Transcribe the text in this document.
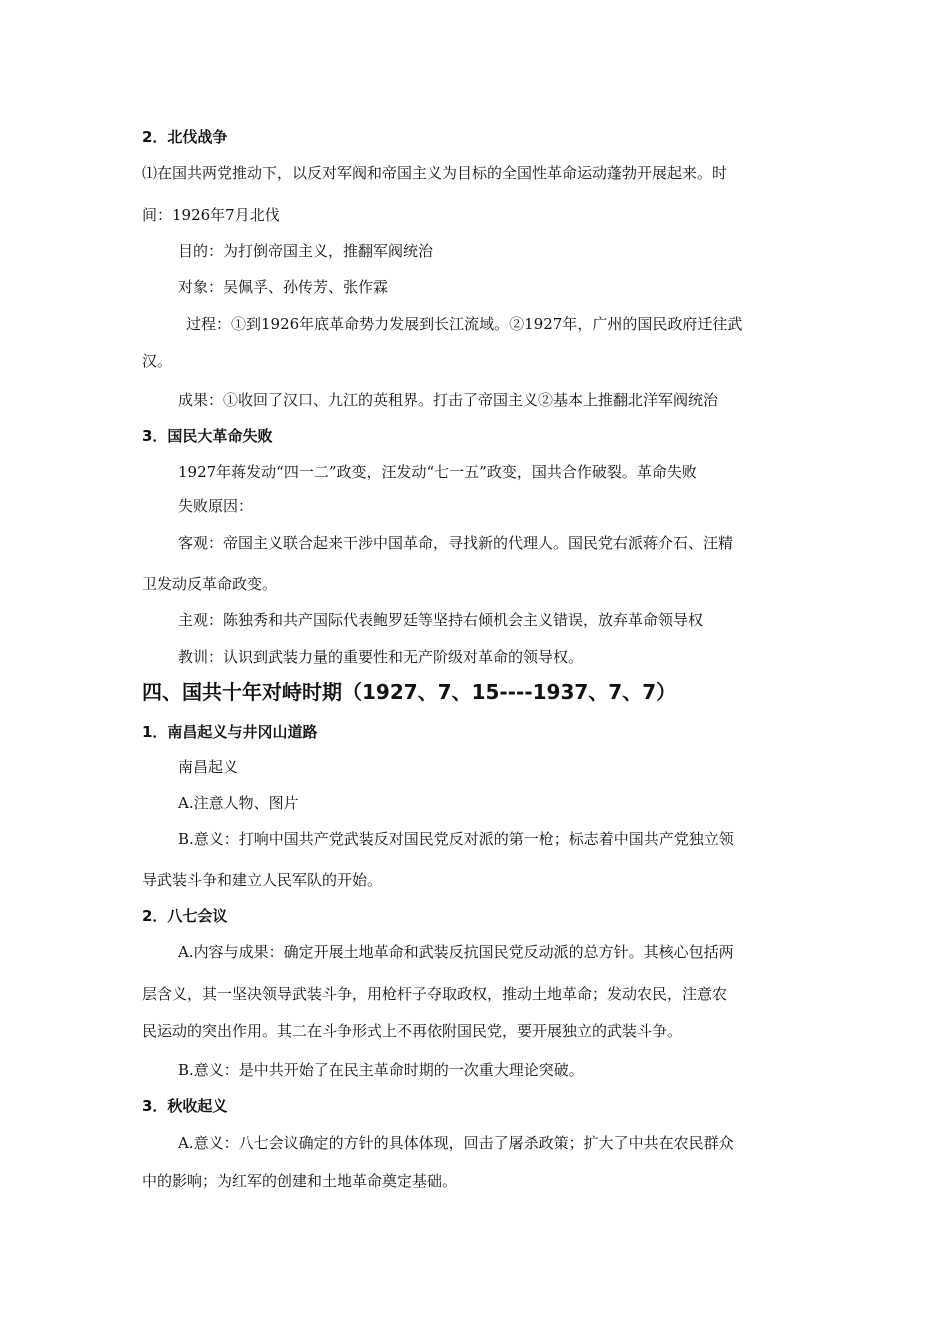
2．北伐战争
⑴在国共两党推动下，以反对军阀和帝国主义为目标的全国性革命运动蓬勃开展起来。时
间：1926年7月北伐
目的：为打倒帝国主义，推翻军阀统治
对象：吴佩孚、孙传芳、张作霖
过程：①到1926年底革命势力发展到长江流域。②1927年，广州的国民政府迁往武
汉。
成果：①收回了汉口、九江的英租界。打击了帝国主义②基本上推翻北洋军阀统治
3．国民大革命失败
1927年蒋发动“四一二”政变，汪发动“七一五”政变，国共合作破裂。革命失败
失败原因：
客观：帝国主义联合起来干涉中国革命，寻找新的代理人。国民党右派蒋介石、汪精
卫发动反革命政变。
主观：陈独秀和共产国际代表鲍罗廷等坚持右倾机会主义错误，放弃革命领导权
教训：认识到武装力量的重要性和无产阶级对革命的领导权。
四、国共十年对峙时期（1927、7、15----1937、7、7）
1．南昌起义与井冈山道路
南昌起义
A.注意人物、图片
B.意义：打响中国共产党武装反对国民党反对派的第一枪；标志着中国共产党独立领
导武装斗争和建立人民军队的开始。
2．八七会议
A.内容与成果：确定开展土地革命和武装反抗国民党反动派的总方针。其核心包括两
层含义，其一坚决领导武装斗争，用枪杆子夺取政权，推动土地革命；发动农民，注意农
民运动的突出作用。其二在斗争形式上不再依附国民党，要开展独立的武装斗争。
B.意义：是中共开始了在民主革命时期的一次重大理论突破。
3．秋收起义
A.意义：八七会议确定的方针的具体体现，回击了屠杀政策；扩大了中共在农民群众
中的影响；为红军的创建和土地革命奠定基础。
